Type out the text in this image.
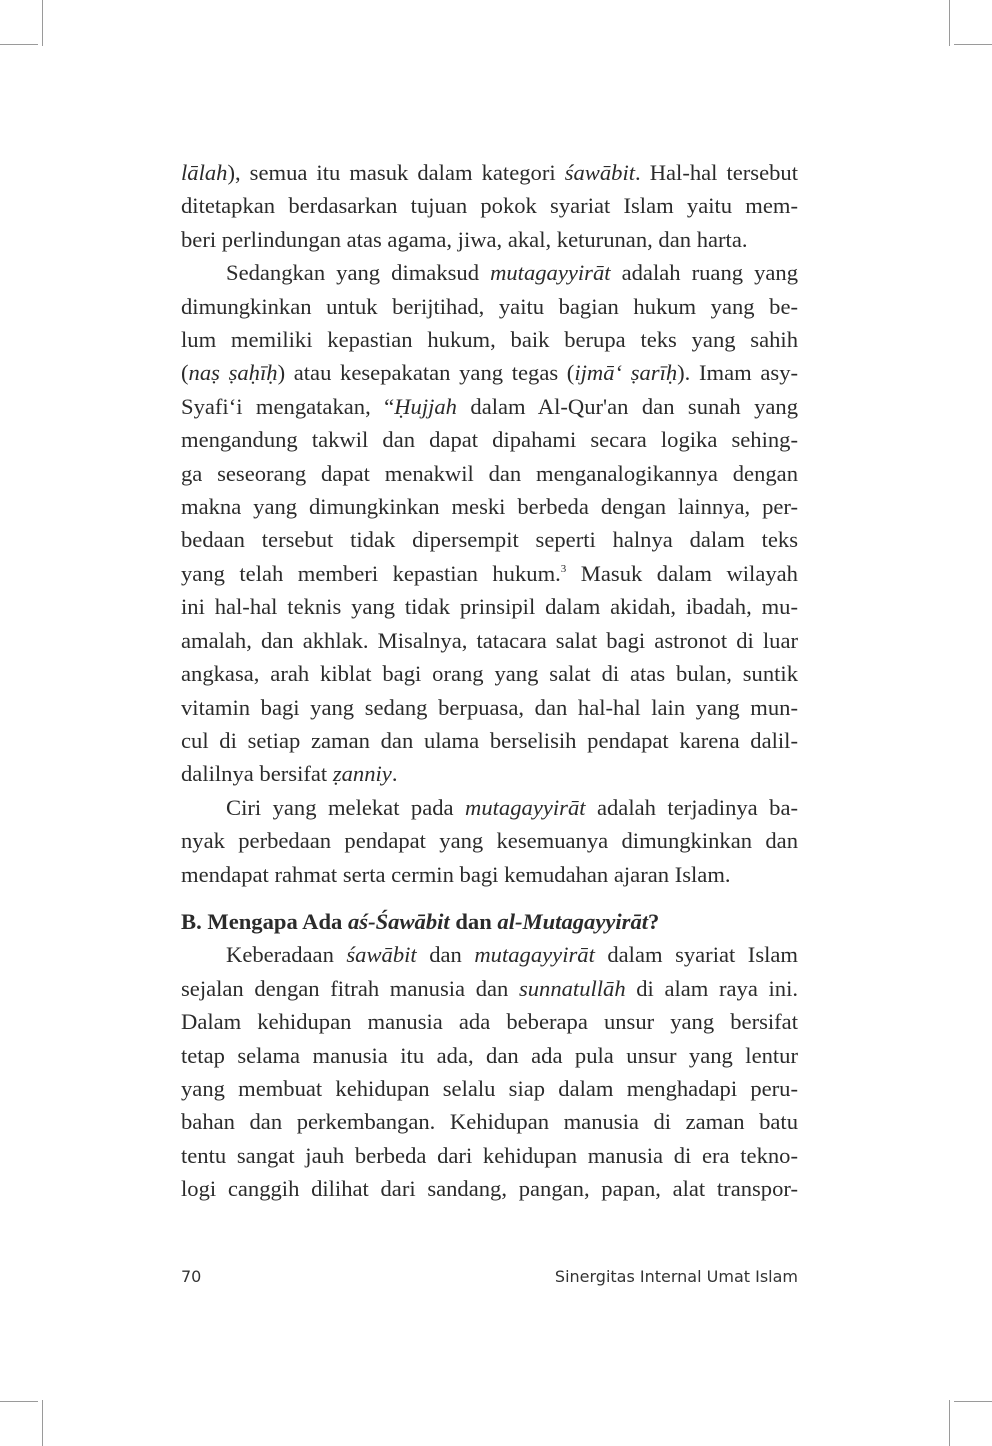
lālah), semua itu masuk dalam kategori śawābit. Hal-hal tersebut
ditetapkan berdasarkan tujuan pokok syariat Islam yaitu mem-
beri perlindungan atas agama, jiwa, akal, keturunan, dan harta.
Sedangkan yang dimaksud mutagayyirāt adalah ruang yang
dimungkinkan untuk berijtihad, yaitu bagian hukum yang be-
lum memiliki kepastian hukum, baik berupa teks yang sahih
(naṣ ṣaḥīḥ) atau kesepakatan yang tegas (ijmā‘ ṣarīḥ). Imam asy-
Syafi‘i mengatakan, “Ḥujjah dalam Al-Qur'an dan sunah yang
mengandung takwil dan dapat dipahami secara logika sehing-
ga seseorang dapat menakwil dan menganalogikannya dengan
makna yang dimungkinkan meski berbeda dengan lainnya, per-
bedaan tersebut tidak dipersempit seperti halnya dalam teks
yang telah memberi kepastian hukum.$^3$ Masuk dalam wilayah
ini hal-hal teknis yang tidak prinsipil dalam akidah, ibadah, mu-
amalah, dan akhlak. Misalnya, tatacara salat bagi astronot di luar
angkasa, arah kiblat bagi orang yang salat di atas bulan, suntik
vitamin bagi yang sedang berpuasa, dan hal-hal lain yang mun-
cul di setiap zaman dan ulama berselisih pendapat karena dalil-
dalilnya bersifat ẓanniy.
Ciri yang melekat pada mutagayyirāt adalah terjadinya ba-
nyak perbedaan pendapat yang kesemuanya dimungkinkan dan
mendapat rahmat serta cermin bagi kemudahan ajaran Islam.
B. Mengapa Ada aś-Śawābit dan al-Mutagayyirāt?
Keberadaan śawābit dan mutagayyirāt dalam syariat Islam
sejalan dengan fitrah manusia dan sunnatullāh di alam raya ini.
Dalam kehidupan manusia ada beberapa unsur yang bersifat
tetap selama manusia itu ada, dan ada pula unsur yang lentur
yang membuat kehidupan selalu siap dalam menghadapi peru-
bahan dan perkembangan. Kehidupan manusia di zaman batu
tentu sangat jauh berbeda dari kehidupan manusia di era tekno-
logi canggih dilihat dari sandang, pangan, papan, alat transpor-
70	Sinergitas Internal Umat Islam
